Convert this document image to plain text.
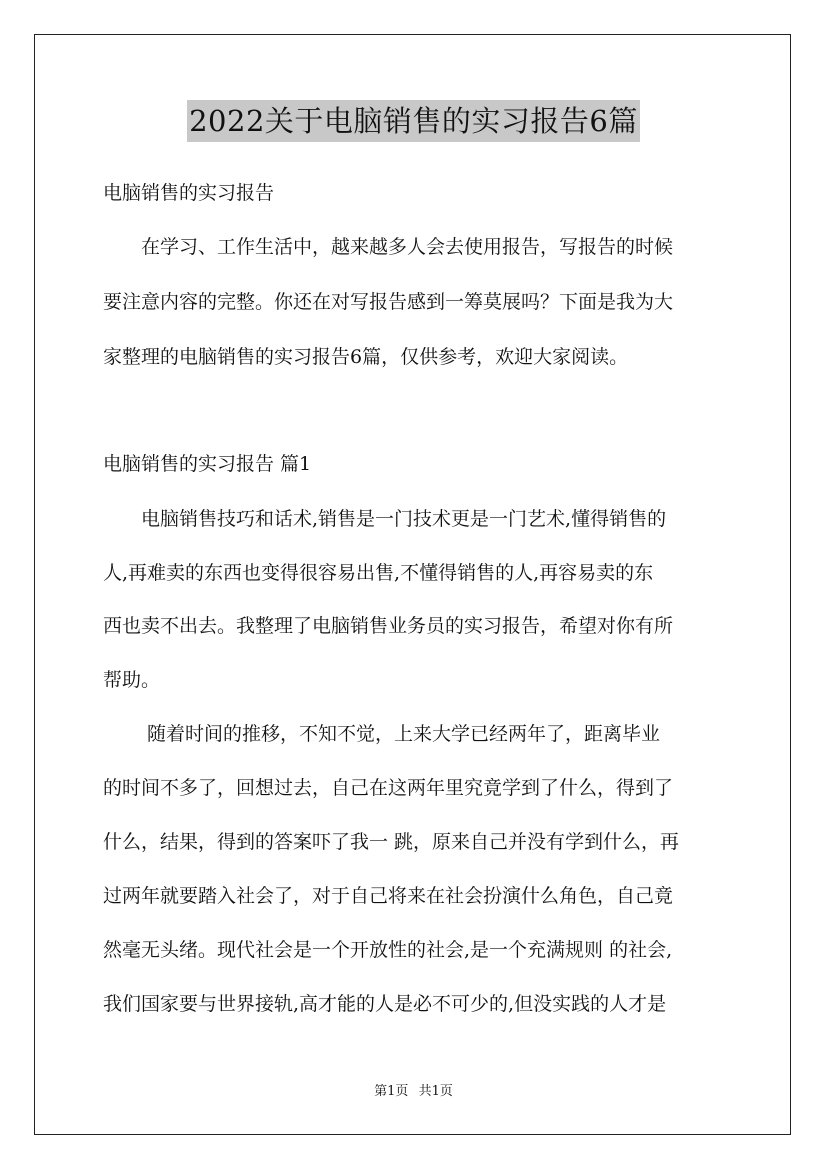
2022关于电脑销售的实习报告6篇
电脑销售的实习报告
　　在学习、工作生活中，越来越多人会去使用报告，写报告的时候
要注意内容的完整。你还在对写报告感到一筹莫展吗？下面是我为大
家整理的电脑销售的实习报告6篇，仅供参考，欢迎大家阅读。
电脑销售的实习报告 篇1
　　电脑销售技巧和话术,销售是一门技术更是一门艺术,懂得销售的
人,再难卖的东西也变得很容易出售,不懂得销售的人,再容易卖的东
西也卖不出去。我整理了电脑销售业务员的实习报告，希望对你有所
帮助。
　　 随着时间的推移，不知不觉，上来大学已经两年了，距离毕业
的时间不多了，回想过去，自己在这两年里究竟学到了什么，得到了
什么，结果，得到的答案吓了我一 跳，原来自己并没有学到什么，再
过两年就要踏入社会了，对于自己将来在社会扮演什么角色，自己竟
然毫无头绪。现代社会是一个开放性的社会,是一个充满规则 的社会,
我们国家要与世界接轨,高才能的人是必不可少的,但没实践的人才是
第1页 共1页
